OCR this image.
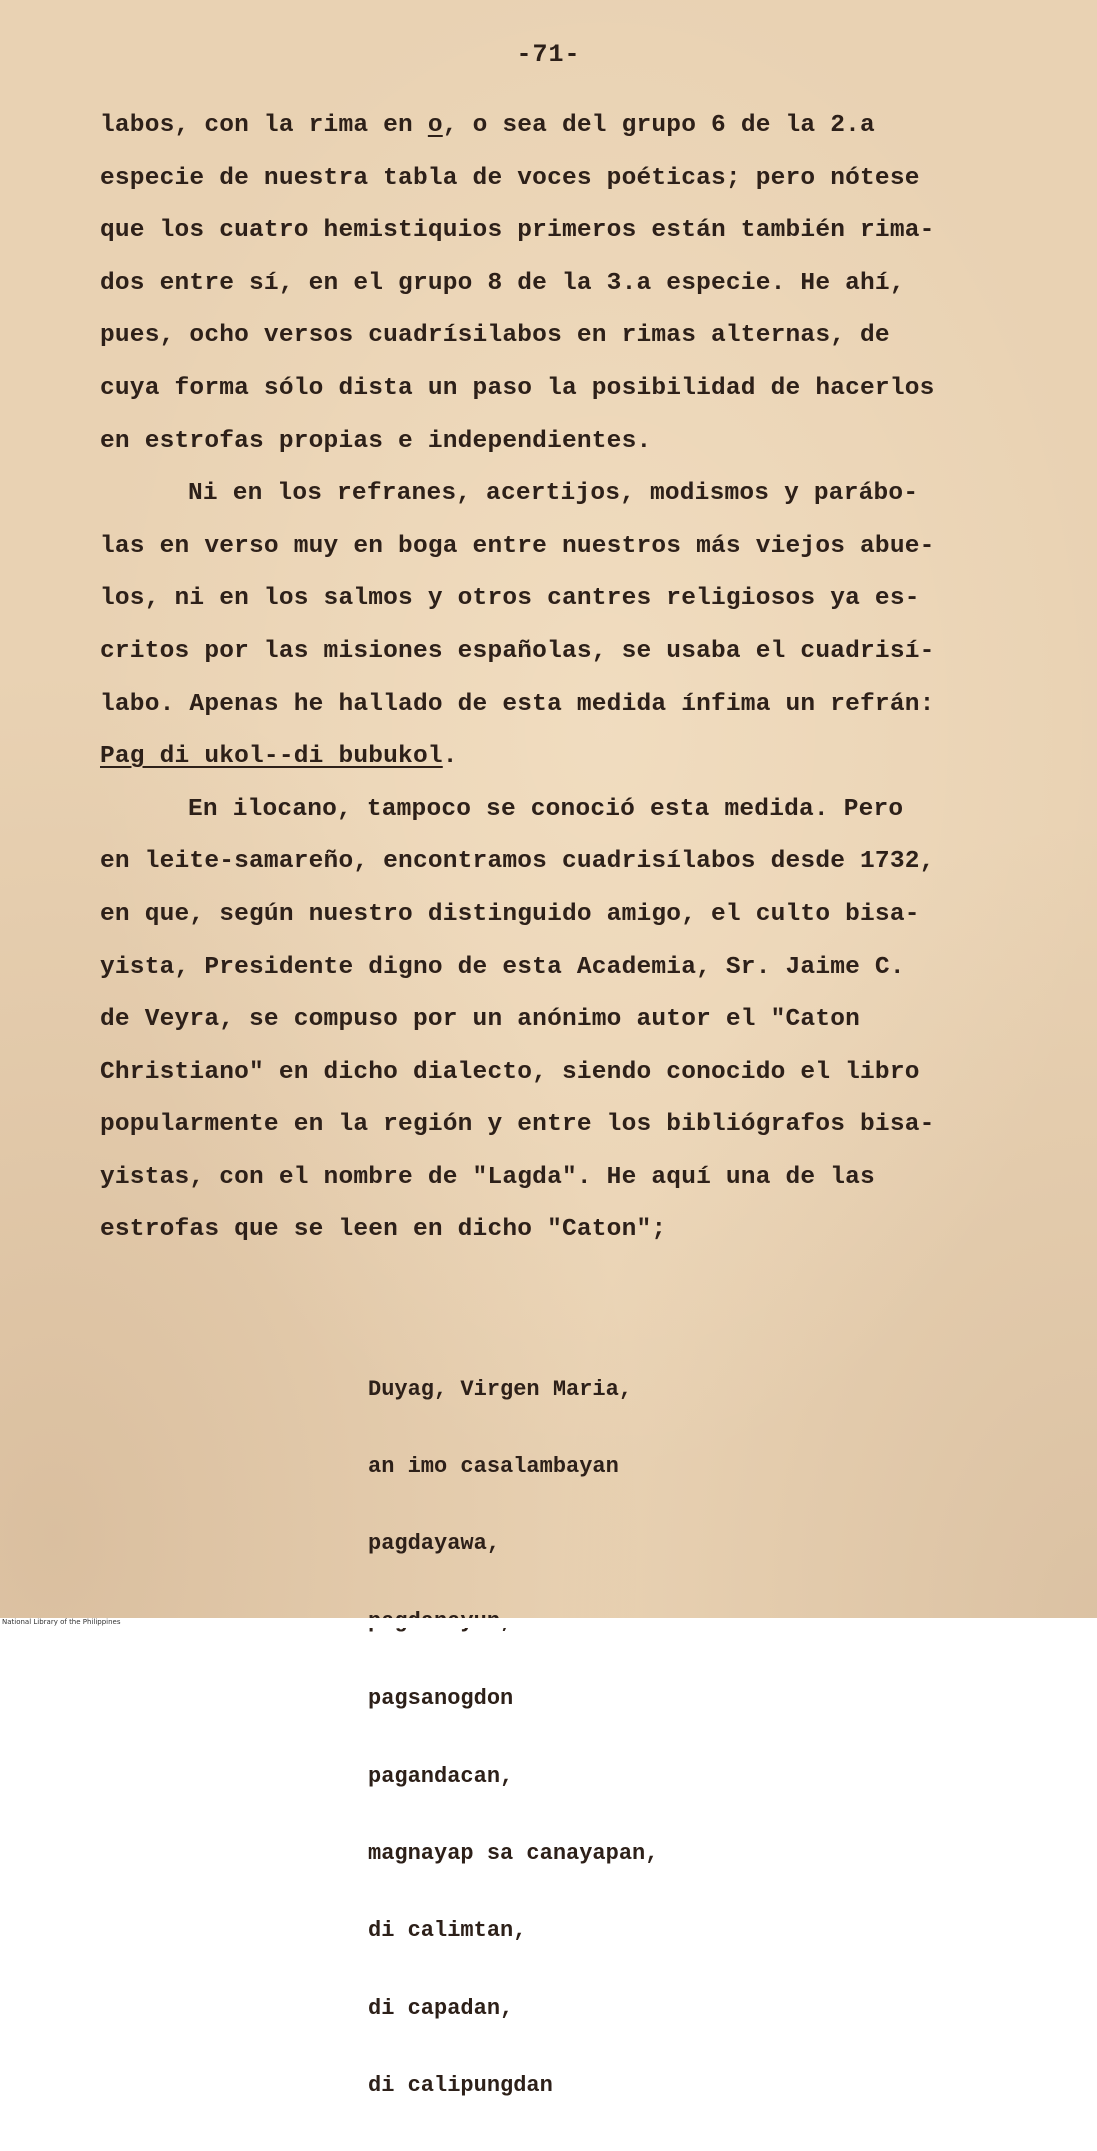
-71-

labos, con la rima en o, o sea del grupo 6 de la 2.a

especie de nuestra tabla de voces poéticas; pero nótese

que los cuatro hemistiquios primeros están también rima-

dos entre sí, en el grupo 8 de la 3.a especie. He ahí,

pues, ocho versos cuadrísilabos en rimas alternas, de

cuya forma sólo dista un paso la posibilidad de hacerlos

en estrofas propias e independientes.

Ni en los refranes, acertijos, modismos y parábo-

las en verso muy en boga entre nuestros más viejos abue-

los, ni en los salmos y otros cantres religiosos ya es-

critos por las misiones españolas, se usaba el cuadrisí-

labo. Apenas he hallado de esta medida ínfima un refrán:

Pag di ukol--di bubukol.

En ilocano, tampoco se conoció esta medida. Pero

en leite-samareño, encontramos cuadrisílabos desde 1732,

en que, según nuestro distinguido amigo, el culto bisa-

yista, Presidente digno de esta Academia, Sr. Jaime C.

de Veyra, se compuso por un anónimo autor el "Caton

Christiano" en dicho dialecto, siendo conocido el libro

popularmente en la región y entre los bibliógrafos bisa-

yistas, con el nombre de "Lagda". He aquí una de las

estrofas que se leen en dicho "Caton";

Duyag, Virgen Maria,

an imo casalambayan

pagdayawa,

pagsanogdon

pagandacan,

magnayap sa canayapan,

di calimtan,

di capadan,

di calipungdan

National Library of the Philippines
